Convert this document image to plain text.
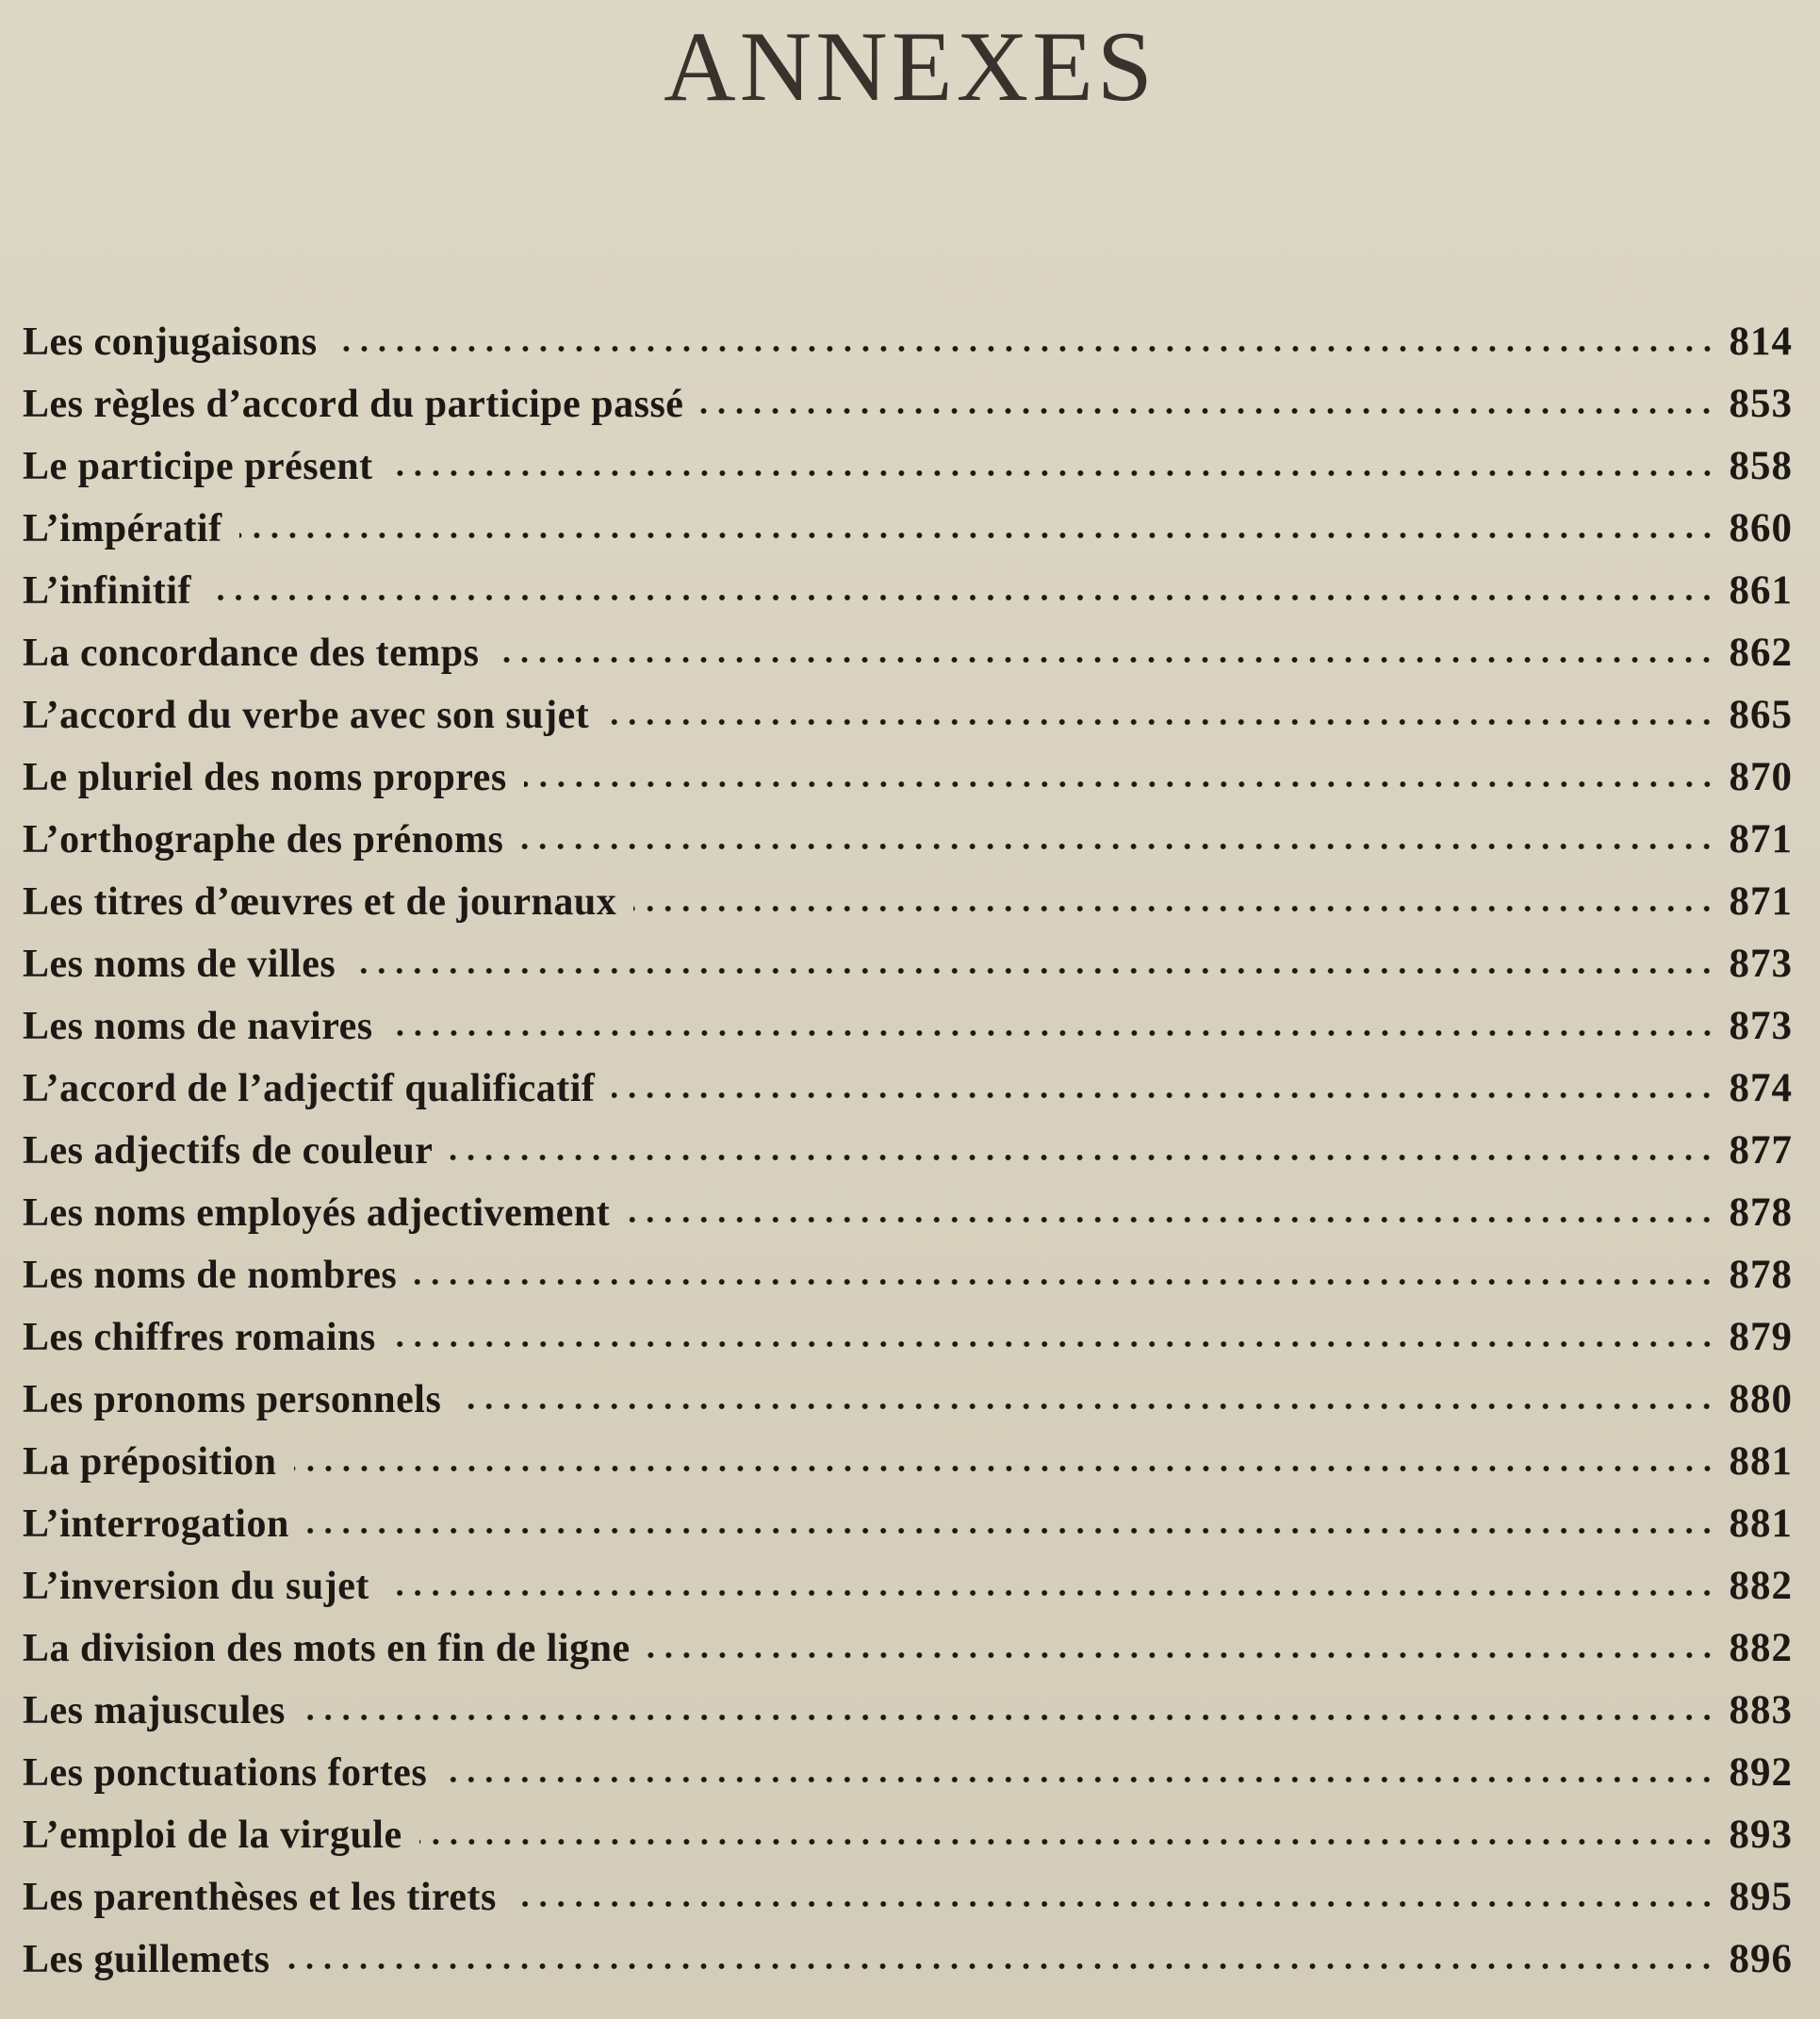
ANNEXES
Les conjugaisons	814
Les règles d’accord du participe passé	853
Le participe présent	858
L’impératif	860
L’infinitif	861
La concordance des temps	862
L’accord du verbe avec son sujet	865
Le pluriel des noms propres	870
L’orthographe des prénoms	871
Les titres d’œuvres et de journaux	871
Les noms de villes	873
Les noms de navires	873
L’accord de l’adjectif qualificatif	874
Les adjectifs de couleur	877
Les noms employés adjectivement	878
Les noms de nombres	878
Les chiffres romains	879
Les pronoms personnels	880
La préposition	881
L’interrogation	881
L’inversion du sujet	882
La division des mots en fin de ligne	882
Les majuscules	883
Les ponctuations fortes	892
L’emploi de la virgule	893
Les parenthèses et les tirets	895
Les guillemets	896
